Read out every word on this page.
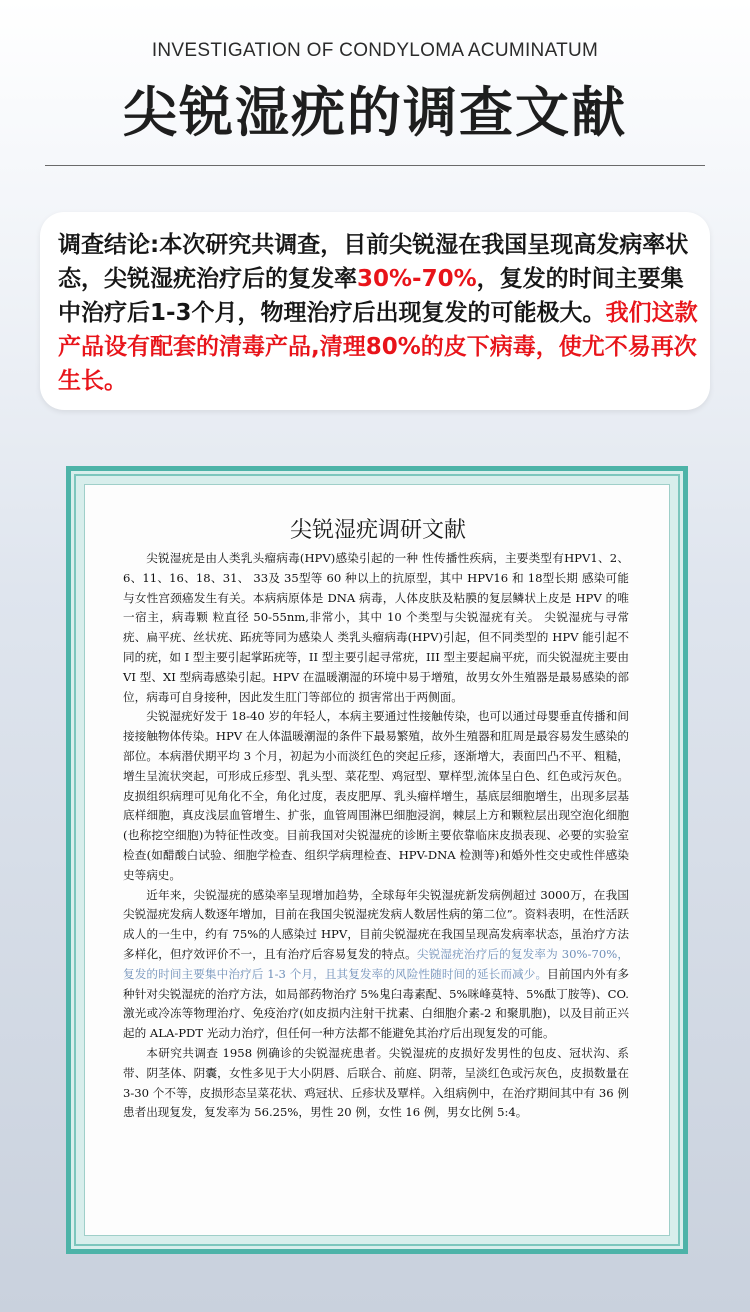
INVESTIGATION OF CONDYLOMA ACUMINATUM
尖锐湿疣的调查文献

调查结论:本次研究共调查，目前尖锐湿在我国呈现高发病率状态，尖锐湿疣治疗后的复发率30%-70%，复发的时间主要集中治疗后1-3个月，物理治疗后出现复发的可能极大。我们这款产品设有配套的清毒产品,清理80%的皮下病毒，使尤不易再次生长。

尖锐湿疣调研文献

尖锐湿疣是由人类乳头瘤病毒(HPV)感染引起的一种 性传播性疾病，主要类型有HPV1、2、6、11、16、18、31、 33及 35型等 60 种以上的抗原型，其中 HPV16 和 18型长期 感染可能与女性宫颈癌发生有关。本病病原体是 DNA 病毒，人体皮肤及粘膜的复层鳞状上皮是 HPV 的唯一宿主，病毒颗 粒直径 50-55nm,非常小，其中 10 个类型与尖锐湿疣有关。 尖锐湿疣与寻常疣、扁平疣、丝状疣、跖疣等同为感染人 类乳头瘤病毒(HPV)引起，但不同类型的 HPV 能引起不同的疣，如 I 型主要引起掌跖疣等，II 型主要引起寻常疣，III 型主要起扁平疣，而尖锐湿疣主要由 VI 型、XI 型病毒感染引起。HPV 在温暖潮湿的环境中易于增殖，故男女外生殖器是最易感染的部位，病毒可自身接种，因此发生肛门等部位的 损害常出于两侧面。

尖锐湿疣好发于 18-40 岁的年轻人，本病主要通过性接触传染，也可以通过母婴垂直传播和间接接触物体传染。HPV 在人体温暖潮湿的条件下最易繁殖，故外生殖器和肛周是最容易发生感染的部位。本病潜伏期平均 3 个月，初起为小而淡红色的突起丘疹，逐渐增大，表面凹凸不平、粗糙，增生呈流状突起，可形成丘疹型、乳头型、菜花型、鸡冠型、覃样型,流体呈白色、红色或污灰色。皮损组织病理可见角化不全，角化过度，表皮肥厚、乳头瘤样增生，基底层细胞增生，出现多层基底样细胞，真皮浅层血管增生、扩张，血管周围淋巴细胞浸润，棘层上方和颗粒层出现空泡化细胞(也称挖空细胞)为特征性改变。目前我国对尖锐湿疣的诊断主要依靠临床皮损表现、必要的实验室检查(如醋酸白试验、细胞学检查、组织学病理检查、HPV-DNA 检测等)和婚外性交史或性伴感染史等病史。

近年来，尖锐湿疣的感染率呈现增加趋势，全球每年尖锐湿疣新发病例超过 3000万，在我国尖锐湿疣发病人数逐年增加，目前在我国尖锐湿疣发病人数居性病的第二位”。资料表明，在性活跃成人的一生中，约有 75%的人感染过 HPV，目前尖锐湿疣在我国呈现高发病率状态，虽治疗方法多样化，但疗效评价不一，且有治疗后容易复发的特点。尖锐湿疣治疗后的复发率为 30%-70%，复发的时间主要集中治疗后 1-3 个月，且其复发率的风险性随时间的延长而减少。目前国内外有多种针对尖锐湿疣的治疗方法，如局部药物治疗 5%鬼臼毒素配、5%咪峰莫特、5%酞丁胺等)、CO.激光或冷冻等物理治疗、免疫治疗(如皮损内注射干扰素、白细胞介素-2 和聚肌胞)，以及目前正兴起的 ALA-PDT 光动力治疗，但任何一种方法都不能避免其治疗后出现复发的可能。

本研究共调查 1958 例确诊的尖锐湿疣患者。尖锐湿疣的皮损好发男性的包皮、冠状沟、系带、阴茎体、阴囊，女性多见于大小阴唇、后联合、前庭、阴蒂，呈淡红色或污灰色，皮损数量在 3-30 个不等，皮损形态呈菜花状、鸡冠状、丘疹状及覃样。入组病例中，在治疗期间其中有 36 例患者出现复发，复发率为 56.25%，男性 20 例，女性 16 例，男女比例 5:4。
